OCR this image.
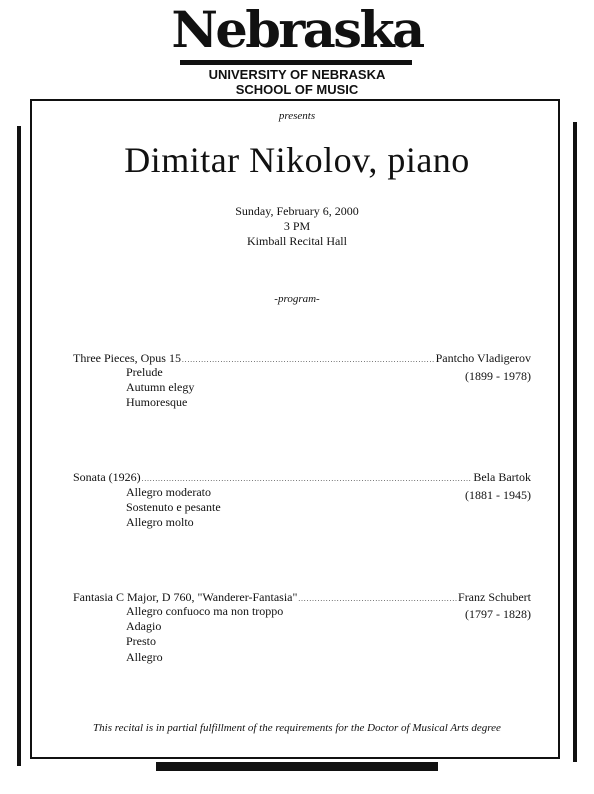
Nebraska
UNIVERSITY OF NEBRASKA
SCHOOL OF MUSIC
presents
Dimitar Nikolov, piano
Sunday, February 6, 2000
3 PM
Kimball Recital Hall
-program-
Three Pieces, Opus 15 .....	Pantcho Vladigerov
(1899 - 1978)
Prelude
Autumn elegy
Humoresque
Sonata (1926) .....	Bela Bartok
(1881 - 1945)
Allegro moderato
Sostenuto e pesante
Allegro molto
Fantasia C Major, D 760, "Wanderer-Fantasia" .....	Franz Schubert
(1797 - 1828)
Allegro confuoco ma non troppo
Adagio
Presto
Allegro
This recital is in partial fulfillment of the requirements for the Doctor of Musical Arts degree
